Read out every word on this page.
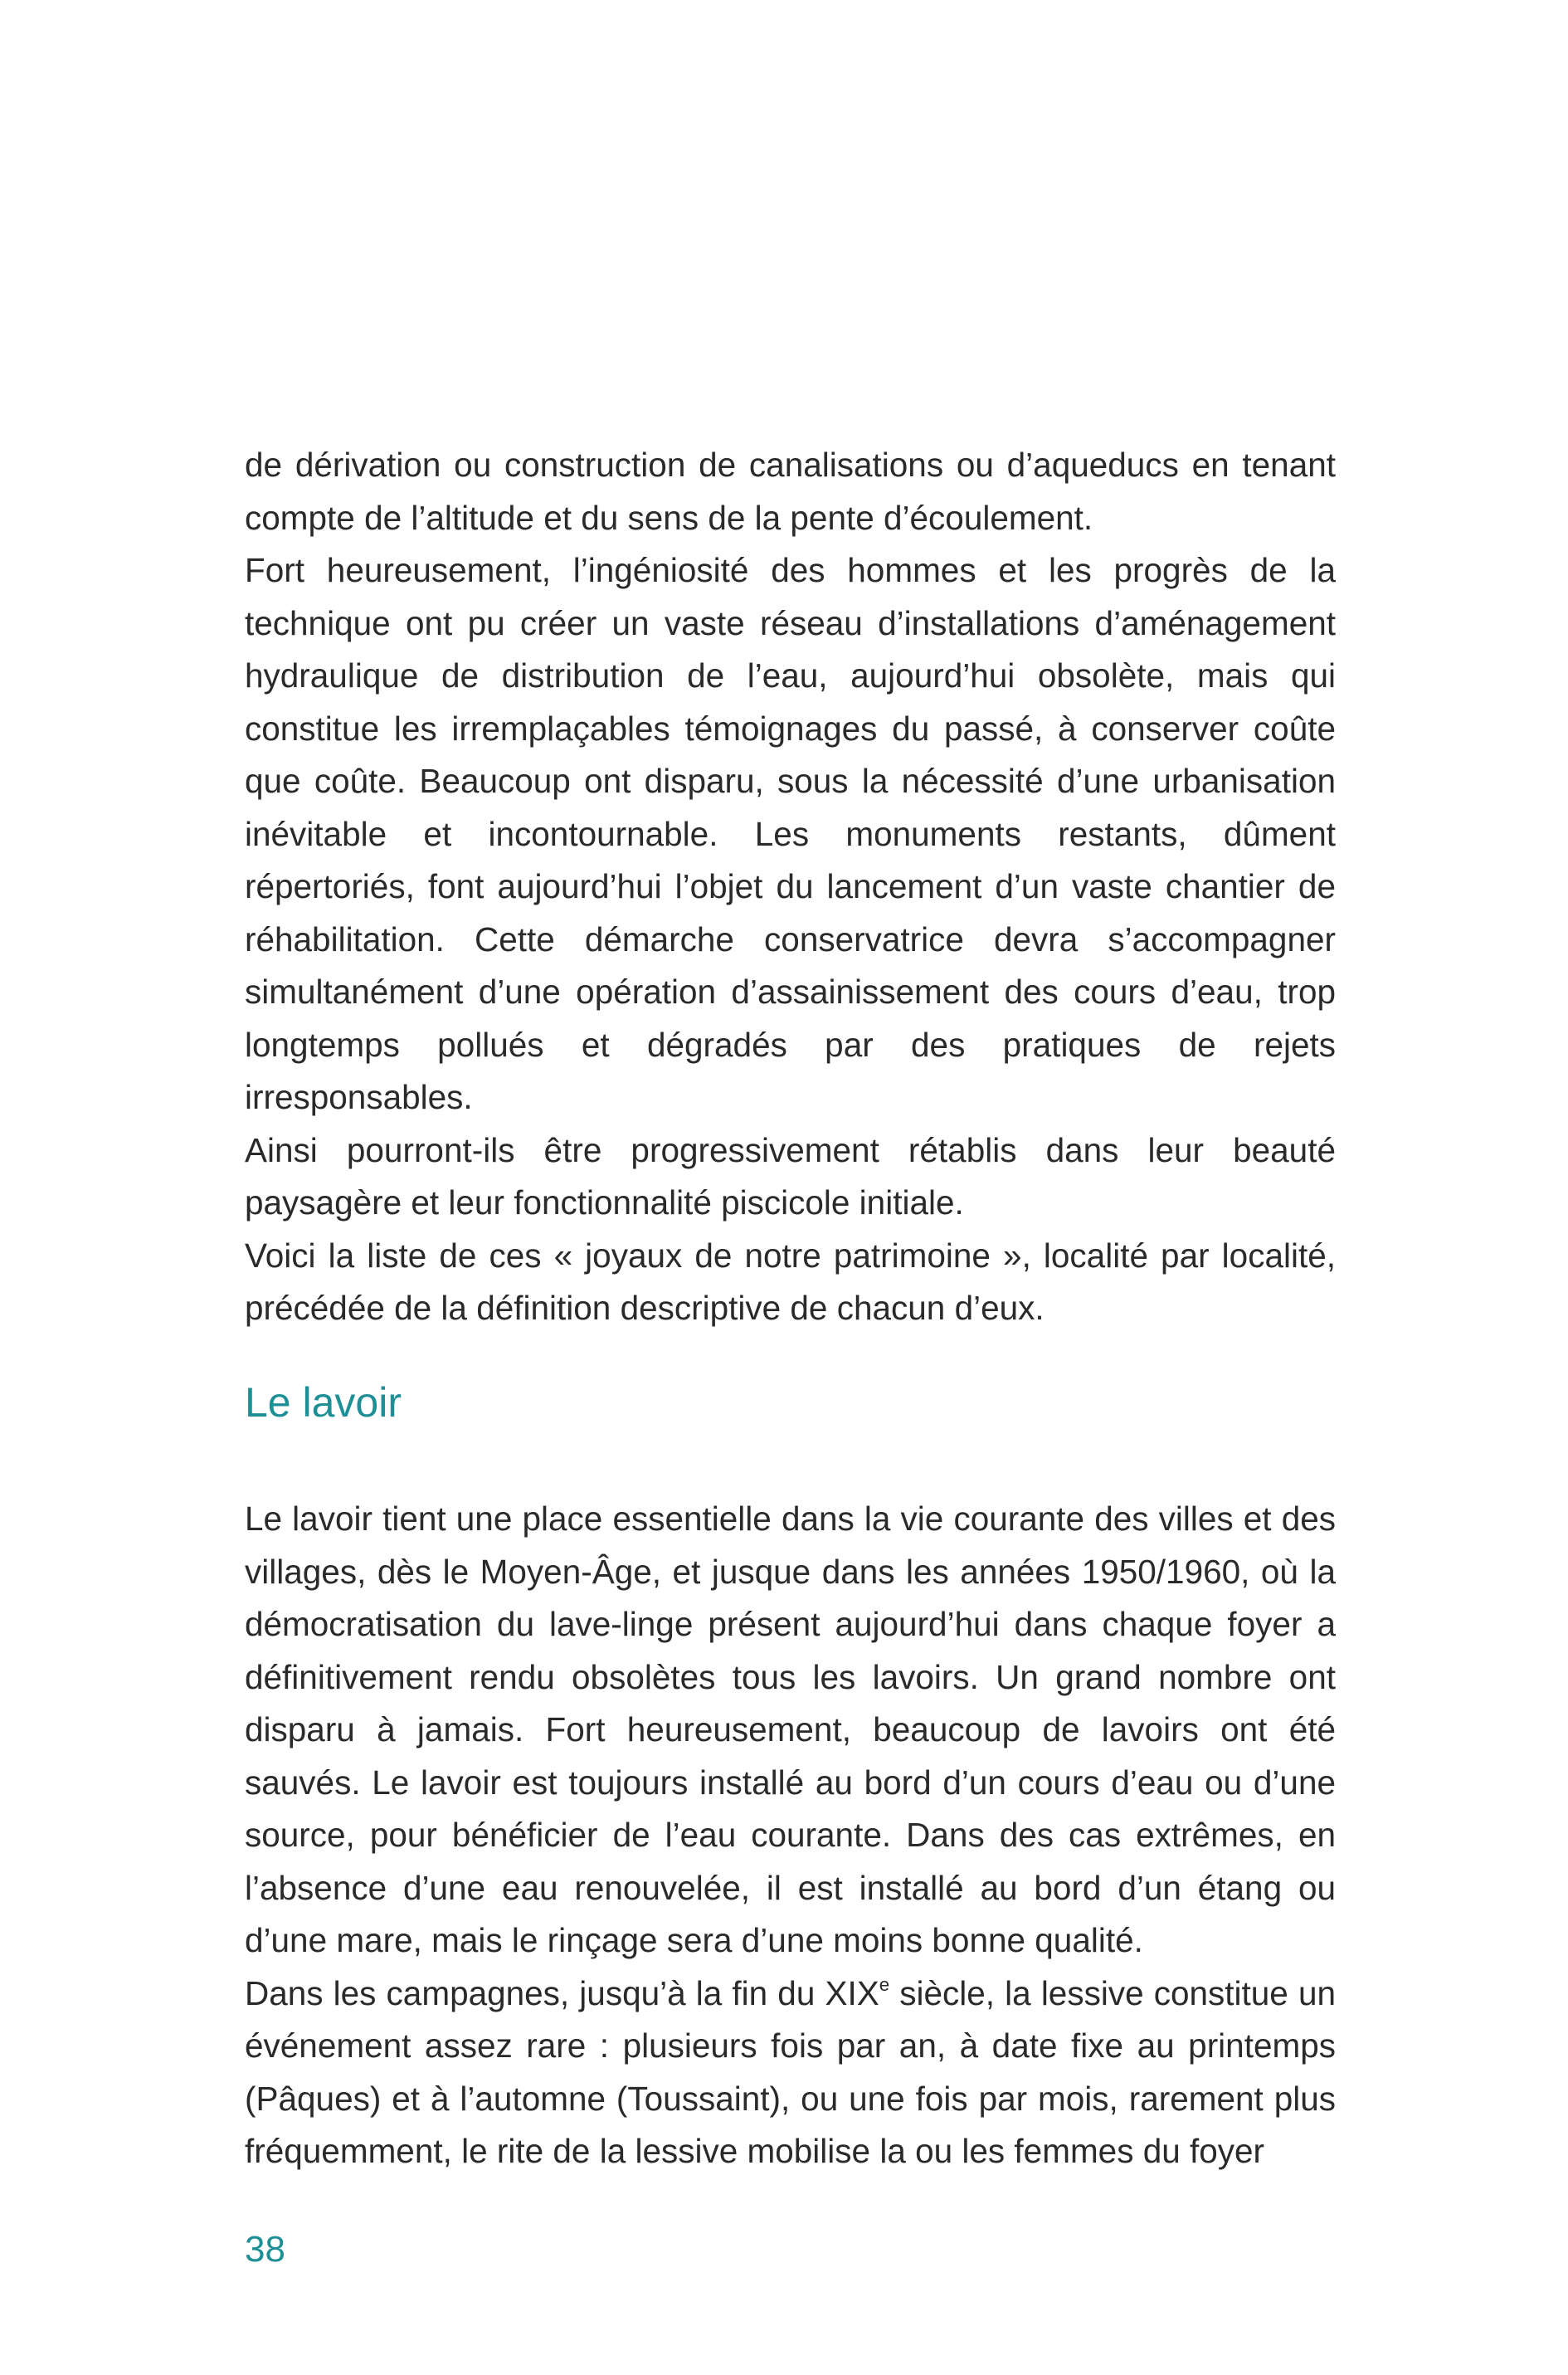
de dérivation ou construction de canalisations ou d’aqueducs en tenant compte de l’altitude et du sens de la pente d’écoulement.

Fort heureusement, l’ingéniosité des hommes et les progrès de la technique ont pu créer un vaste réseau d’installations d’aménagement hydraulique de distribution de l’eau, aujourd’hui obsolète, mais qui constitue les irremplaçables témoignages du passé, à conserver coûte que coûte. Beaucoup ont disparu, sous la nécessité d’une urbanisation inévitable et incontournable. Les monuments restants, dûment répertoriés, font aujourd’hui l’objet du lancement d’un vaste chantier de réhabilitation. Cette démarche conservatrice devra s’accompagner simultanément d’une opération d’assainissement des cours d’eau, trop longtemps pollués et dégradés par des pratiques de rejets irresponsables.

Ainsi pourront-ils être progressivement rétablis dans leur beauté paysagère et leur fonctionnalité piscicole initiale.

Voici la liste de ces « joyaux de notre patrimoine », localité par localité, précédée de la définition descriptive de chacun d’eux.

Le lavoir

Le lavoir tient une place essentielle dans la vie courante des villes et des villages, dès le Moyen-Âge, et jusque dans les années 1950/1960, où la démocratisation du lave-linge présent aujourd’hui dans chaque foyer a définitivement rendu obsolètes tous les lavoirs. Un grand nombre ont disparu à jamais. Fort heureusement, beaucoup de lavoirs ont été sauvés. Le lavoir est toujours installé au bord d’un cours d’eau ou d’une source, pour bénéficier de l’eau courante. Dans des cas extrêmes, en l’absence d’une eau renouvelée, il est installé au bord d’un étang ou d’une mare, mais le rinçage sera d’une moins bonne qualité.

Dans les campagnes, jusqu’à la fin du XIXe siècle, la lessive constitue un événement assez rare : plusieurs fois par an, à date fixe au printemps (Pâques) et à l’automne (Toussaint), ou une fois par mois, rarement plus fréquemment, le rite de la lessive mobilise la ou les femmes du foyer

38
